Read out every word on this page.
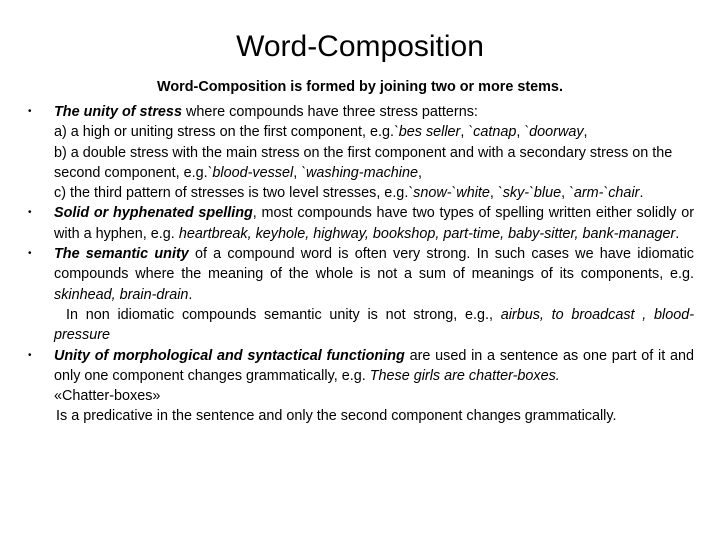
Word-Composition
Word-Composition is formed by joining two or more stems.
• The unity of stress where compounds have three stress patterns:
a) a high or uniting stress on the first component, e.g.`bes seller, `catnap, `doorway,
b) a double stress with the main stress on the first component and with a secondary stress on the second component, e.g.`blood-vessel, `washing-machine,
c) the third pattern of stresses is two level stresses, e.g.`snow-`white, `sky-`blue, `arm-`chair.
• Solid or hyphenated spelling, most compounds have two types of spelling written either solidly or with a hyphen, e.g. heartbreak, keyhole, highway, bookshop, part-time, baby-sitter, bank-manager.
• The semantic unity of a compound word is often very strong. In such cases we have idiomatic compounds where the meaning of the whole is not a sum of meanings of its components, e.g. skinhead, brain-drain.
In non idiomatic compounds semantic unity is not strong, e.g., airbus, to broadcast , blood-pressure
• Unity of morphological and syntactical functioning are used in a sentence as one part of it and only one component changes grammatically, e.g. These girls are chatter-boxes.
«Chatter-boxes»
Is a predicative in the sentence and only the second component changes grammatically.
